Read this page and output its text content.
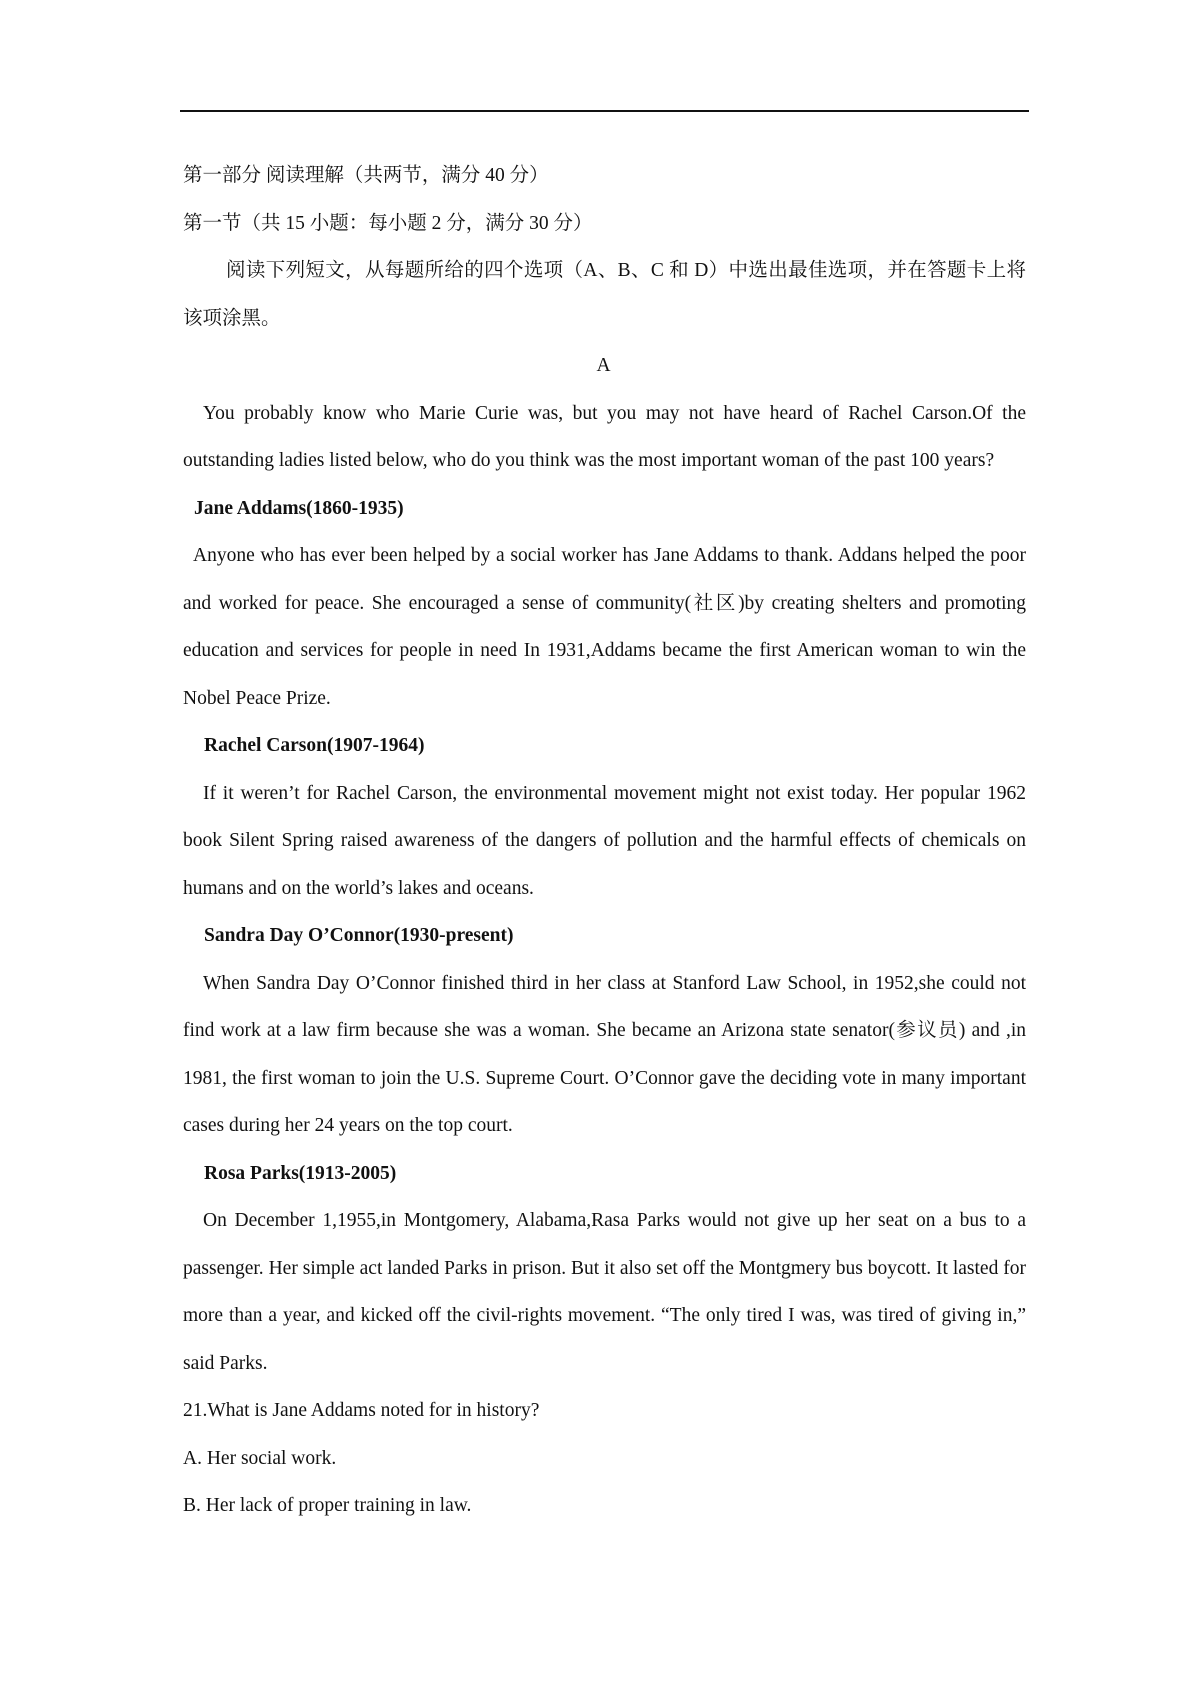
第一部分 阅读理解（共两节，满分 40 分）

第一节（共 15 小题：每小题 2 分，满分 30 分）

阅读下列短文，从每题所给的四个选项（A、B、C 和 D）中选出最佳选项，并在答题卡上将该项涂黑。

A

You probably know who Marie Curie was, but you may not have heard of Rachel Carson.Of the outstanding ladies listed below, who do you think was the most important woman of the past 100 years?

Jane Addams(1860-1935)

Anyone who has ever been helped by a social worker has Jane Addams to thank. Addans helped the poor and worked for peace. She encouraged a sense of community(社区)by creating shelters and promoting education and services for people in need In 1931,Addams became the first American woman to win the Nobel Peace Prize.

Rachel Carson(1907-1964)

If it weren’t for Rachel Carson, the environmental movement might not exist today. Her popular 1962 book Silent Spring raised awareness of the dangers of pollution and the harmful effects of chemicals on humans and on the world’s lakes and oceans.

Sandra Day O’Connor(1930-present)

When Sandra Day O’Connor finished third in her class at Stanford Law School, in 1952,she could not find work at a law firm because she was a woman. She became an Arizona state senator(参议员) and ,in 1981, the first woman to join the U.S. Supreme Court. O’Connor gave the deciding vote in many important cases during her 24 years on the top court.

Rosa Parks(1913-2005)

On December 1,1955,in Montgomery, Alabama,Rasa Parks would not give up her seat on a bus to a passenger. Her simple act landed Parks in prison. But it also set off the Montgmery bus boycott. It lasted for more than a year, and kicked off the civil-rights movement. “The only tired I was, was tired of giving in,” said Parks.

21.What is Jane Addams noted for in history?

A. Her social work.

B. Her lack of proper training in law.
